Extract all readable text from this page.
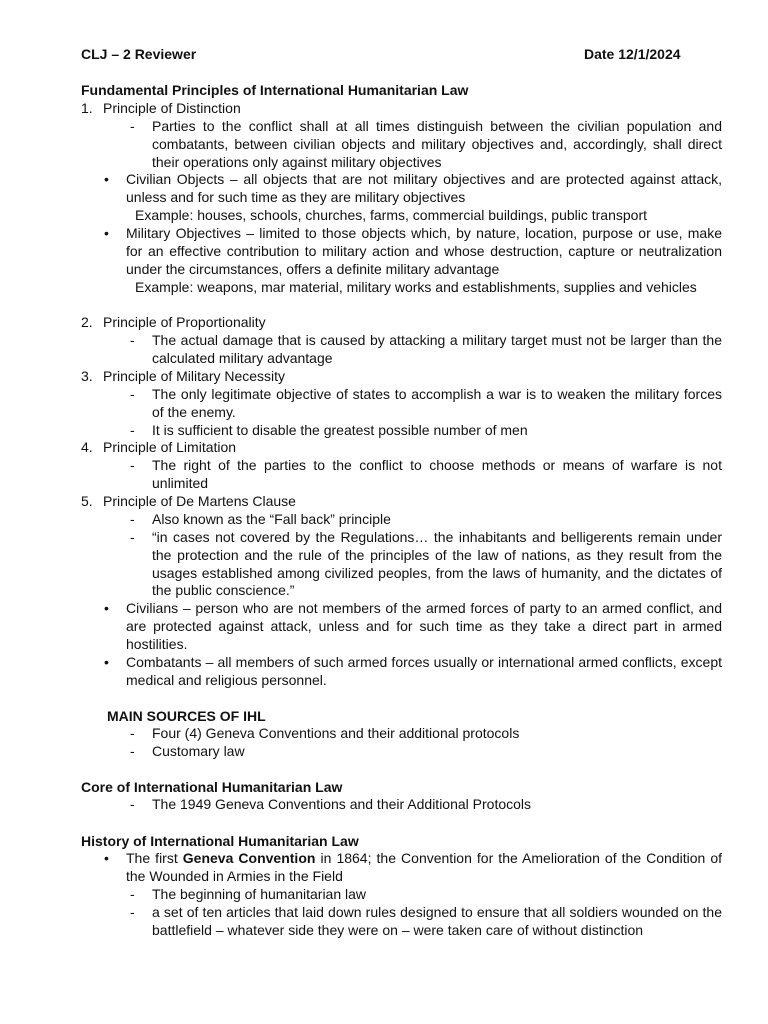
CLJ – 2 Reviewer	Date 12/1/2024
Fundamental Principles of International Humanitarian Law
1. Principle of Distinction
- Parties to the conflict shall at all times distinguish between the civilian population and combatants, between civilian objects and military objectives and, accordingly, shall direct their operations only against military objectives
• Civilian Objects – all objects that are not military objectives and are protected against attack, unless and for such time as they are military objectives
Example: houses, schools, churches, farms, commercial buildings, public transport
• Military Objectives – limited to those objects which, by nature, location, purpose or use, make for an effective contribution to military action and whose destruction, capture or neutralization under the circumstances, offers a definite military advantage
Example: weapons, mar material, military works and establishments, supplies and vehicles
2. Principle of Proportionality
- The actual damage that is caused by attacking a military target must not be larger than the calculated military advantage
3. Principle of Military Necessity
- The only legitimate objective of states to accomplish a war is to weaken the military forces of the enemy.
- It is sufficient to disable the greatest possible number of men
4. Principle of Limitation
- The right of the parties to the conflict to choose methods or means of warfare is not unlimited
5. Principle of De Martens Clause
- Also known as the “Fall back” principle
- “in cases not covered by the Regulations… the inhabitants and belligerents remain under the protection and the rule of the principles of the law of nations, as they result from the usages established among civilized peoples, from the laws of humanity, and the dictates of the public conscience.”
• Civilians – person who are not members of the armed forces of party to an armed conflict, and are protected against attack, unless and for such time as they take a direct part in armed hostilities.
• Combatants – all members of such armed forces usually or international armed conflicts, except medical and religious personnel.
MAIN SOURCES OF IHL
- Four (4) Geneva Conventions and their additional protocols
- Customary law
Core of International Humanitarian Law
- The 1949 Geneva Conventions and their Additional Protocols
History of International Humanitarian Law
• The first Geneva Convention in 1864; the Convention for the Amelioration of the Condition of the Wounded in Armies in the Field
- The beginning of humanitarian law
- a set of ten articles that laid down rules designed to ensure that all soldiers wounded on the battlefield – whatever side they were on – were taken care of without distinction
